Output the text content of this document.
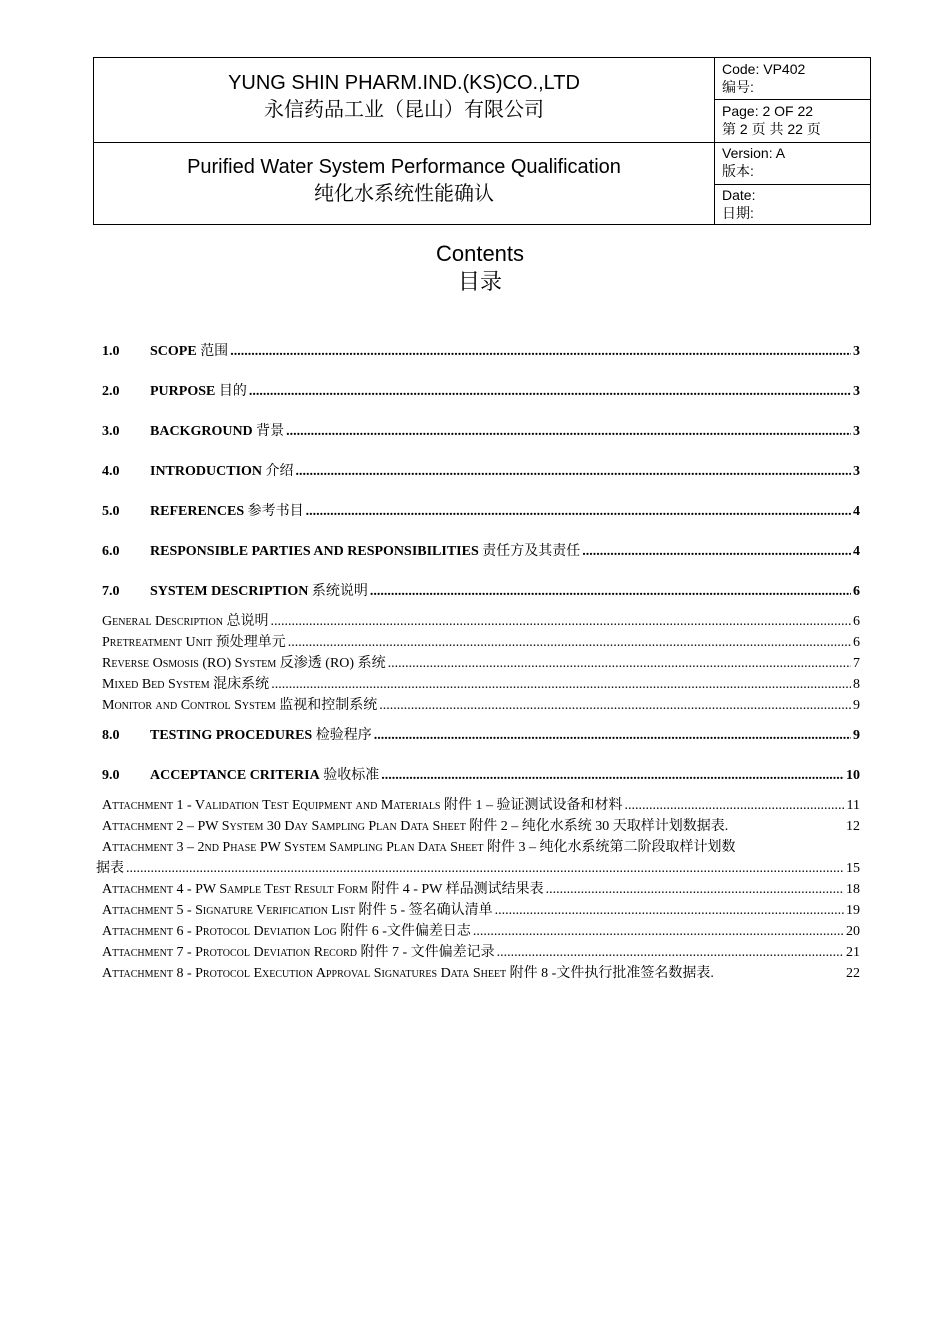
YUNG SHIN PHARM.IND.(KS)CO.,LTD
永信药品工业（昆山）有限公司
Purified Water System Performance Qualification
纯化水系统性能确认
Code: VP402
编号:
Page: 2 OF 22
第 2 页 共 22 页
Version: A
版本:
Date:
日期:
Contents
目录
1.0	SCOPE 范围 .....	3
2.0	PURPOSE 目的 .....	3
3.0	BACKGROUND 背景 .....	3
4.0	INTRODUCTION 介绍 .....	3
5.0	REFERENCES 参考书目 .....	4
6.0	RESPONSIBLE PARTIES AND RESPONSIBILITIES 责任方及其责任 .....	4
7.0	SYSTEM DESCRIPTION 系统说明 .....	6
General Description 总说明 .....	6
Pretreatment Unit 预处理单元 .....	6
Reverse Osmosis (RO) System 反渗透 (RO) 系统 .....	7
Mixed Bed System 混床系统 .....	8
Monitor and Control System 监视和控制系统 .....	9
8.0	TESTING PROCEDURES 检验程序 .....	9
9.0	ACCEPTANCE CRITERIA 验收标准 .....	10
Attachment 1 - Validation Test Equipment and Materials 附件 1 – 验证测试设备和材料 .....	11
Attachment 2 – PW System 30 Day Sampling Plan Data Sheet 附件 2 – 纯化水系统 30 天取样计划数据表.	12
Attachment 3 – 2nd Phase PW System Sampling Plan Data Sheet 附件 3 – 纯化水系统第二阶段取样计划数
据表 .....	15
Attachment 4 - PW Sample Test Result Form 附件 4 - PW 样品测试结果表 .....	18
Attachment 5 - Signature Verification List 附件 5 - 签名确认清单 .....	19
Attachment 6 - Protocol Deviation Log 附件 6 -文件偏差日志 .....	20
Attachment 7 - Protocol Deviation Record 附件 7 - 文件偏差记录 .....	21
Attachment 8 - Protocol Execution Approval Signatures Data Sheet 附件 8 -文件执行批准签名数据表.	22
